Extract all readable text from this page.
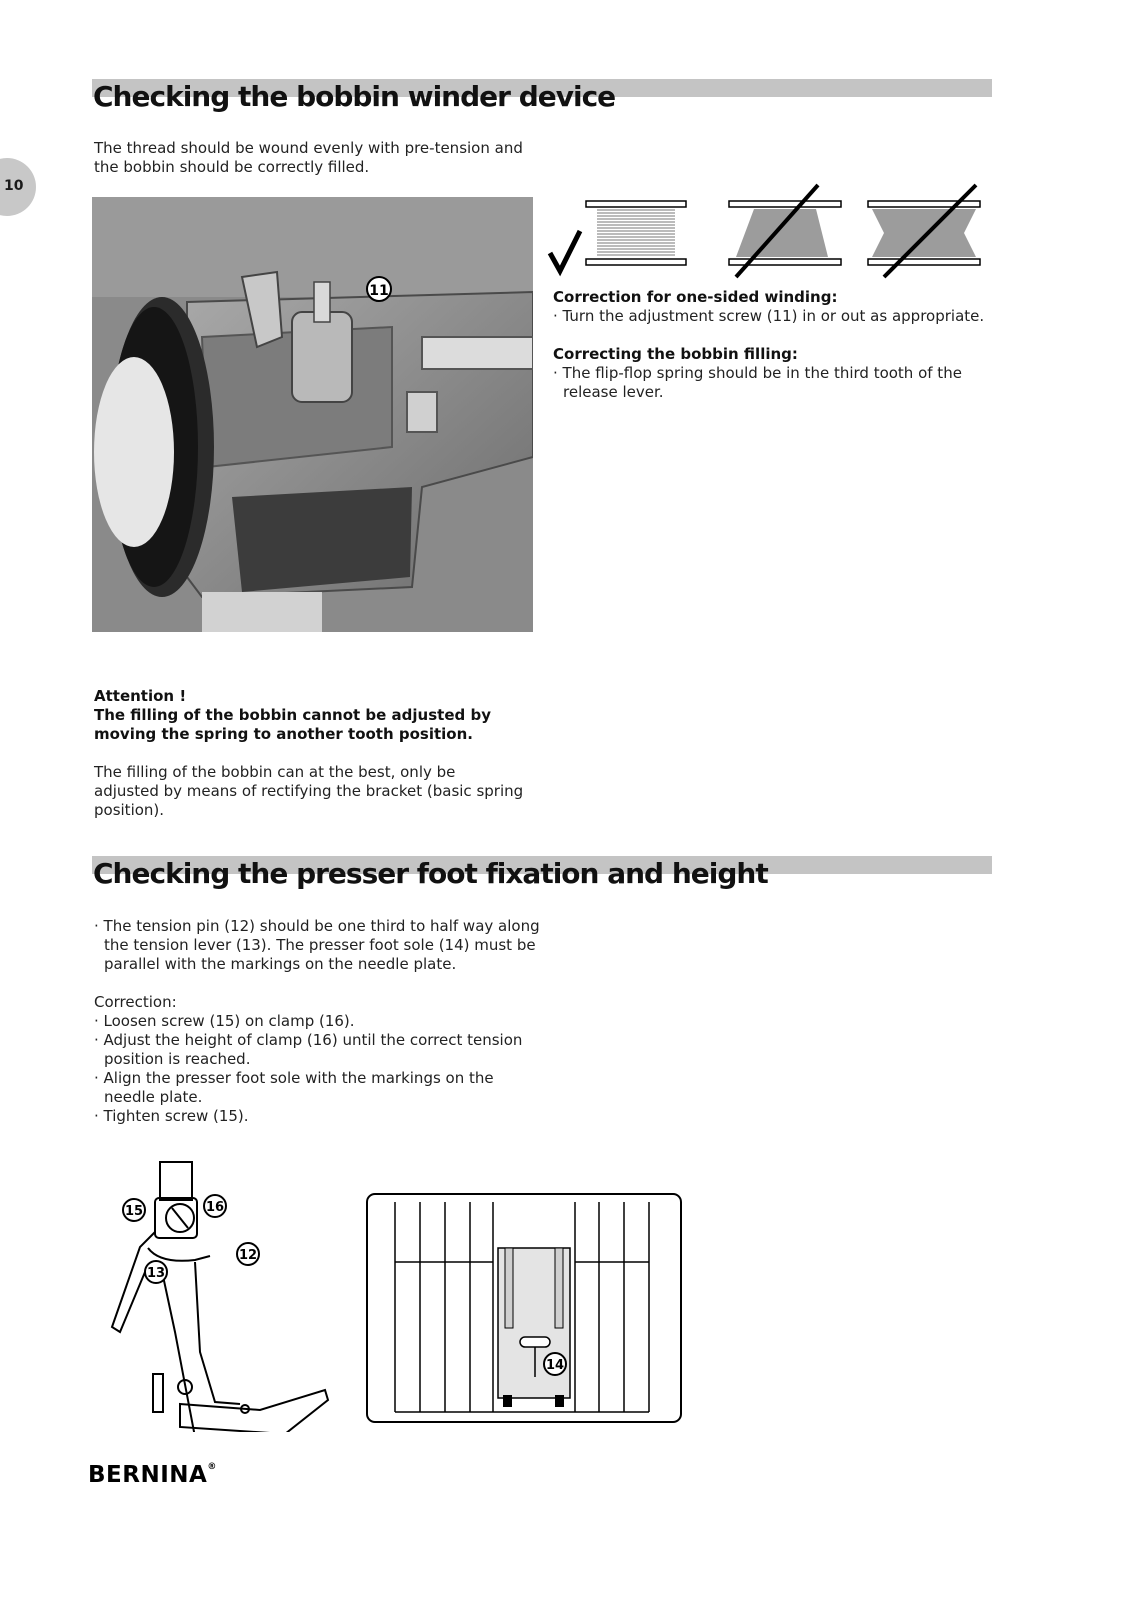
10
Checking the bobbin winder device

The thread should be wound evenly with pre-tension and the bobbin should be correctly filled.

11	Correction for one-sided winding:

· Turn the adjustment screw (11) in or out as appropriate.

Correcting the bobbin filling:

· The flip-flop spring should be in the third tooth of the release lever.

Attention !

The filling of the bobbin cannot be adjusted by moving the spring to another tooth position.

The filling of the bobbin can at the best, only be adjusted by means of rectifying the bracket (basic spring position).

Checking the presser foot fixation and height
· The tension pin (12) should be one third to half way along the tension lever (13). The presser foot sole (14) must be parallel with the markings on the needle plate.

Correction:

· Loosen screw (15) on clamp (16).
· Adjust the height of clamp (16) until the correct tension position is reached.
· Align the presser foot sole with the markings on the needle plate.
· Tighten screw (15).
15	16
12
13
14
BERNINA®
